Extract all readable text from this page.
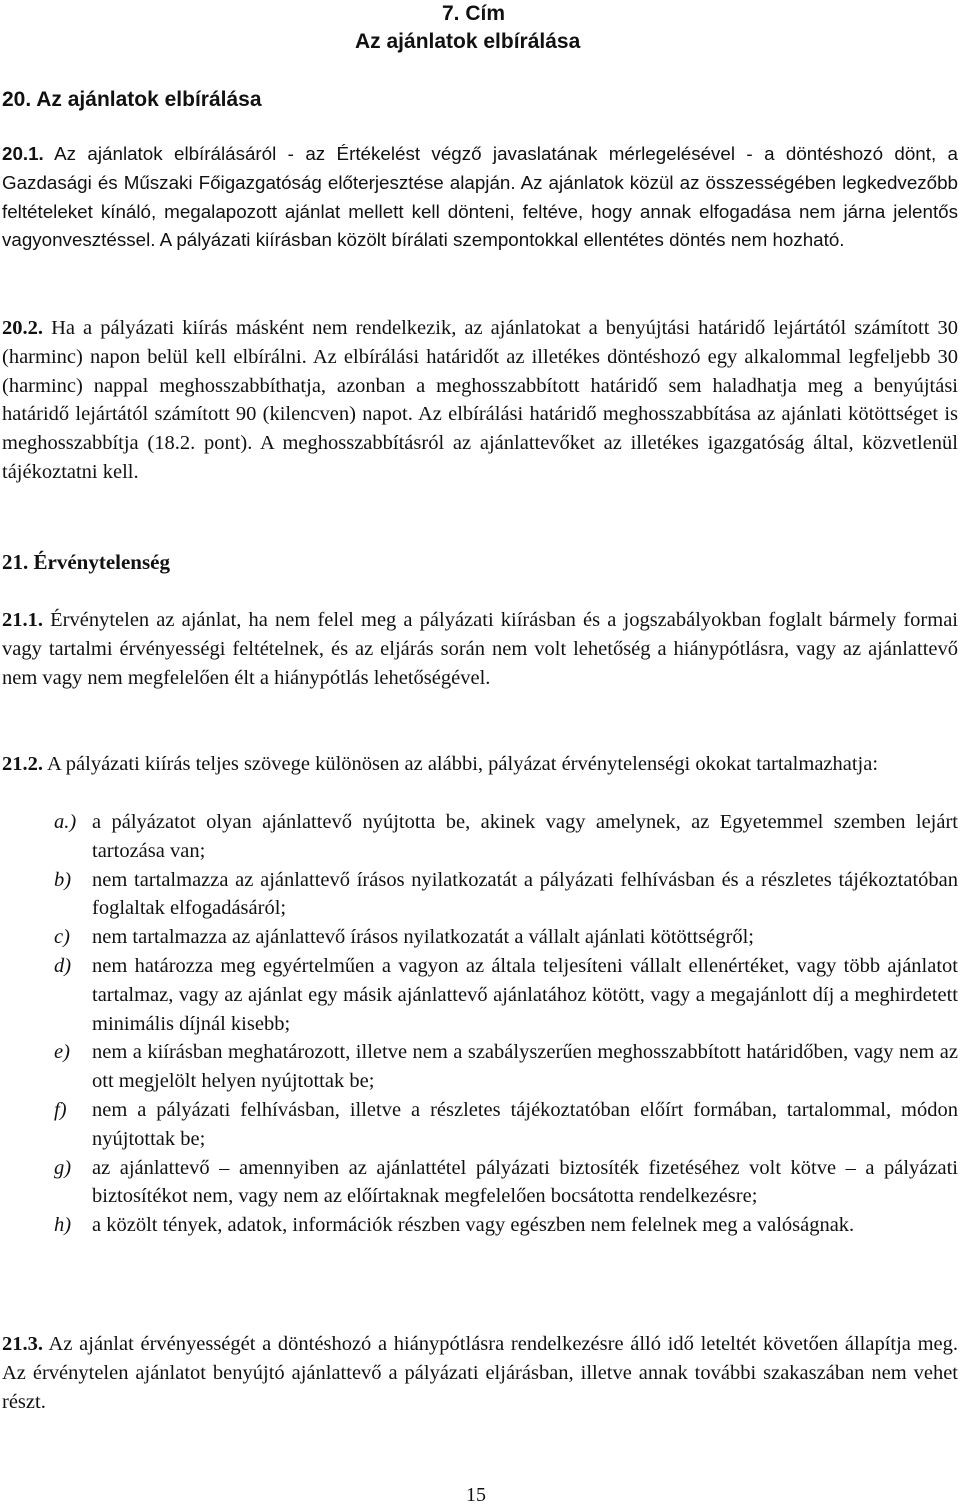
7. Cím
Az ajánlatok elbírálása
20. Az ajánlatok elbírálása

20.1. Az ajánlatok elbírálásáról - az Értékelést végző javaslatának mérlegelésével - a döntéshozó dönt, a Gazdasági és Műszaki Főigazgatóság előterjesztése alapján. Az ajánlatok közül az összességében legkedvezőbb feltételeket kínáló, megalapozott ajánlat mellett kell dönteni, feltéve, hogy annak elfogadása nem járna jelentős vagyonvesztéssel. A pályázati kiírásban közölt bírálati szempontokkal ellentétes döntés nem hozható.

20.2. Ha a pályázati kiírás másként nem rendelkezik, az ajánlatokat a benyújtási határidő lejártától számított 30 (harminc) napon belül kell elbírálni. Az elbírálási határidőt az illetékes döntéshozó egy alkalommal legfeljebb 30 (harminc) nappal meghosszabbíthatja, azonban a meghosszabbított határidő sem haladhatja meg a benyújtási határidő lejártától számított 90 (kilencven) napot. Az elbírálási határidő meghosszabbítása az ajánlati kötöttséget is meghosszabbítja (18.2. pont). A meghosszabbításról az ajánlattevőket az illetékes igazgatóság által, közvetlenül tájékoztatni kell.

21. Érvénytelenség

21.1. Érvénytelen az ajánlat, ha nem felel meg a pályázati kiírásban és a jogszabályokban foglalt bármely formai vagy tartalmi érvényességi feltételnek, és az eljárás során nem volt lehetőség a hiánypótlásra, vagy az ajánlattevő nem vagy nem megfelelően élt a hiánypótlás lehetőségével.

21.2. A pályázati kiírás teljes szövege különösen az alábbi, pályázat érvénytelenségi okokat tartalmazhatja:

a.) a pályázatot olyan ajánlattevő nyújtotta be, akinek vagy amelynek, az Egyetemmel szemben lejárt tartozása van;
b) nem tartalmazza az ajánlattevő írásos nyilatkozatát a pályázati felhívásban és a részletes tájékoztatóban foglaltak elfogadásáról;
c) nem tartalmazza az ajánlattevő írásos nyilatkozatát a vállalt ajánlati kötöttségről;
d) nem határozza meg egyértelműen a vagyon az általa teljesíteni vállalt ellenértéket, vagy több ajánlatot tartalmaz, vagy az ajánlat egy másik ajánlattevő ajánlatához kötött, vagy a megajánlott díj a meghirdetett minimális díjnál kisebb;
e) nem a kiírásban meghatározott, illetve nem a szabályszerűen meghosszabbított határidőben, vagy nem az ott megjelölt helyen nyújtottak be;
f) nem a pályázati felhívásban, illetve a részletes tájékoztatóban előírt formában, tartalommal, módon nyújtottak be;
g) az ajánlattevő – amennyiben az ajánlattétel pályázati biztosíték fizetéséhez volt kötve – a pályázati biztosítékot nem, vagy nem az előírtaknak megfelelően bocsátotta rendelkezésre;
h) a közölt tények, adatok, információk részben vagy egészben nem felelnek meg a valóságnak.

21.3. Az ajánlat érvényességét a döntéshozó a hiánypótlásra rendelkezésre álló idő leteltét követően állapítja meg. Az érvénytelen ajánlatot benyújtó ajánlattevő a pályázati eljárásban, illetve annak további szakaszában nem vehet részt.

15
